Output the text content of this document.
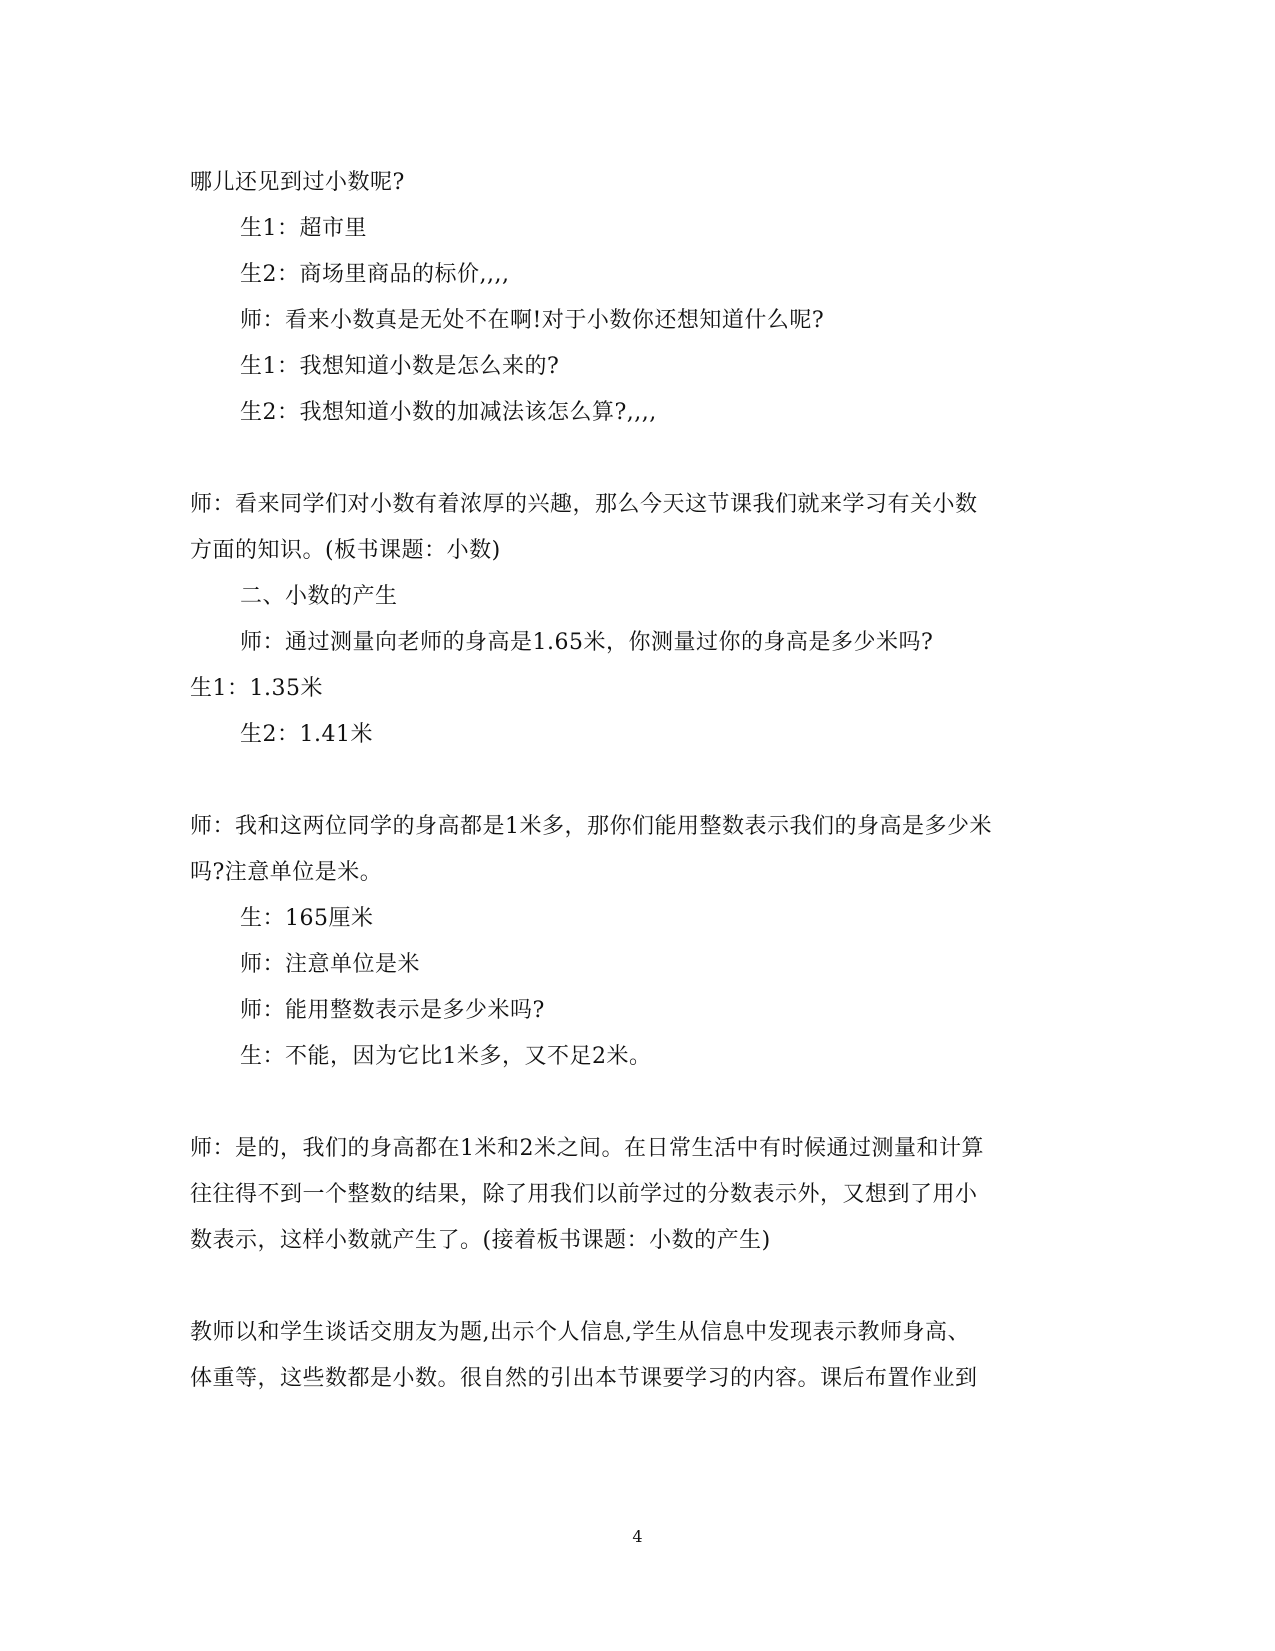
哪儿还见到过小数呢?
生1：超市里
生2：商场里商品的标价,,,,
师：看来小数真是无处不在啊!对于小数你还想知道什么呢?
生1：我想知道小数是怎么来的?
生2：我想知道小数的加减法该怎么算?,,,,
师：看来同学们对小数有着浓厚的兴趣，那么今天这节课我们就来学习有关小数
方面的知识。(板书课题：小数)
二、小数的产生
师：通过测量向老师的身高是1.65米，你测量过你的身高是多少米吗?
生1：1.35米
生2：1.41米
师：我和这两位同学的身高都是1米多，那你们能用整数表示我们的身高是多少米
吗?注意单位是米。
生：165厘米
师：注意单位是米
师：能用整数表示是多少米吗?
生：不能，因为它比1米多，又不足2米。
师：是的，我们的身高都在1米和2米之间。在日常生活中有时候通过测量和计算
往往得不到一个整数的结果，除了用我们以前学过的分数表示外，又想到了用小
数表示，这样小数就产生了。(接着板书课题：小数的产生)
教师以和学生谈话交朋友为题,出示个人信息,学生从信息中发现表示教师身高、
体重等，这些数都是小数。很自然的引出本节课要学习的内容。课后布置作业到
4
